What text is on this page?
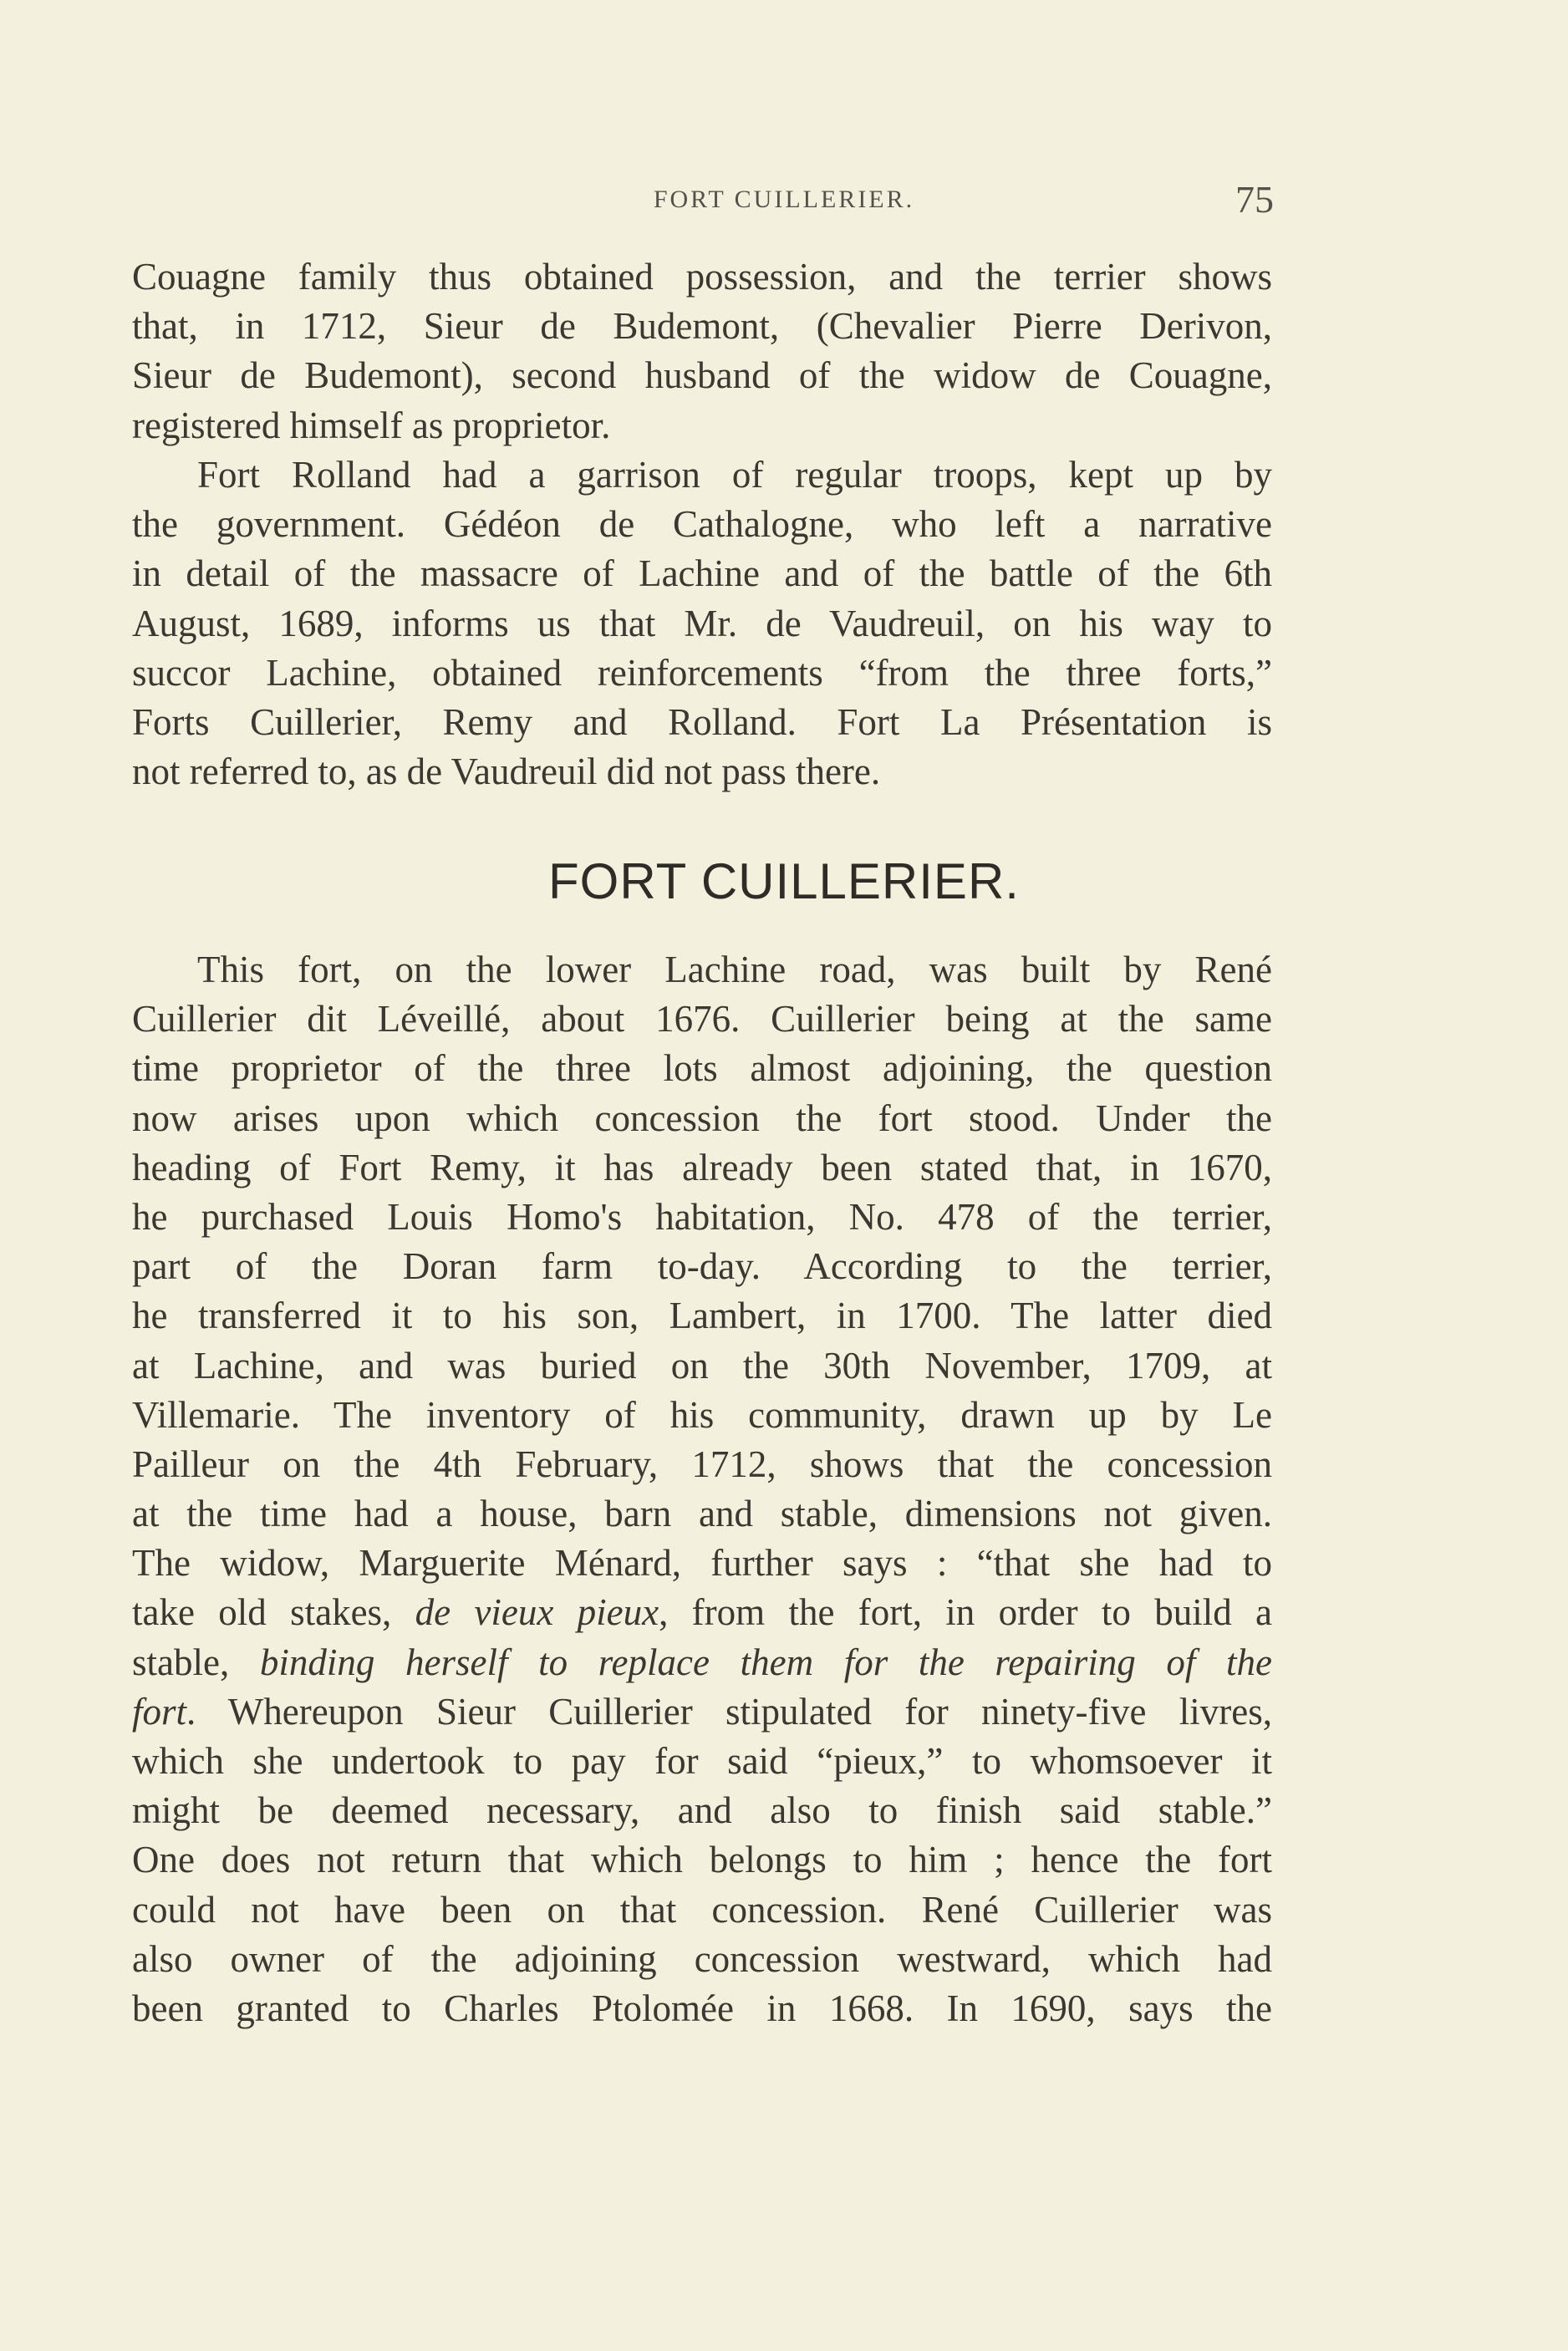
FORT CUILLERIER.	75
Couagne family thus obtained possession, and the terrier shows
that, in 1712, Sieur de Budemont, (Chevalier Pierre Derivon,
Sieur de Budemont), second husband of the widow de Couagne,
registered himself as proprietor.
Fort Rolland had a garrison of regular troops, kept up by
the government. Gédéon de Cathalogne, who left a narrative
in detail of the massacre of Lachine and of the battle of the 6th
August, 1689, informs us that Mr. de Vaudreuil, on his way to
succor Lachine, obtained reinforcements “from the three forts,”
Forts Cuillerier, Remy and Rolland. Fort La Présentation is
not referred to, as de Vaudreuil did not pass there.
FORT CUILLERIER.
This fort, on the lower Lachine road, was built by René
Cuillerier dit Léveillé, about 1676. Cuillerier being at the same
time proprietor of the three lots almost adjoining, the question
now arises upon which concession the fort stood. Under the
heading of Fort Remy, it has already been stated that, in 1670,
he purchased Louis Homo's habitation, No. 478 of the terrier,
part of the Doran farm to-day. According to the terrier,
he transferred it to his son, Lambert, in 1700. The latter died
at Lachine, and was buried on the 30th November, 1709, at
Villemarie. The inventory of his community, drawn up by Le
Pailleur on the 4th February, 1712, shows that the concession
at the time had a house, barn and stable, dimensions not given.
The widow, Marguerite Ménard, further says : “that she had to
take old stakes, de vieux pieux, from the fort, in order to build a
stable, binding herself to replace them for the repairing of the
fort. Whereupon Sieur Cuillerier stipulated for ninety-five livres,
which she undertook to pay for said “pieux,” to whomsoever it
might be deemed necessary, and also to finish said stable.”
One does not return that which belongs to him ; hence the fort
could not have been on that concession. René Cuillerier was
also owner of the adjoining concession westward, which had
been granted to Charles Ptolomée in 1668. In 1690, says the
